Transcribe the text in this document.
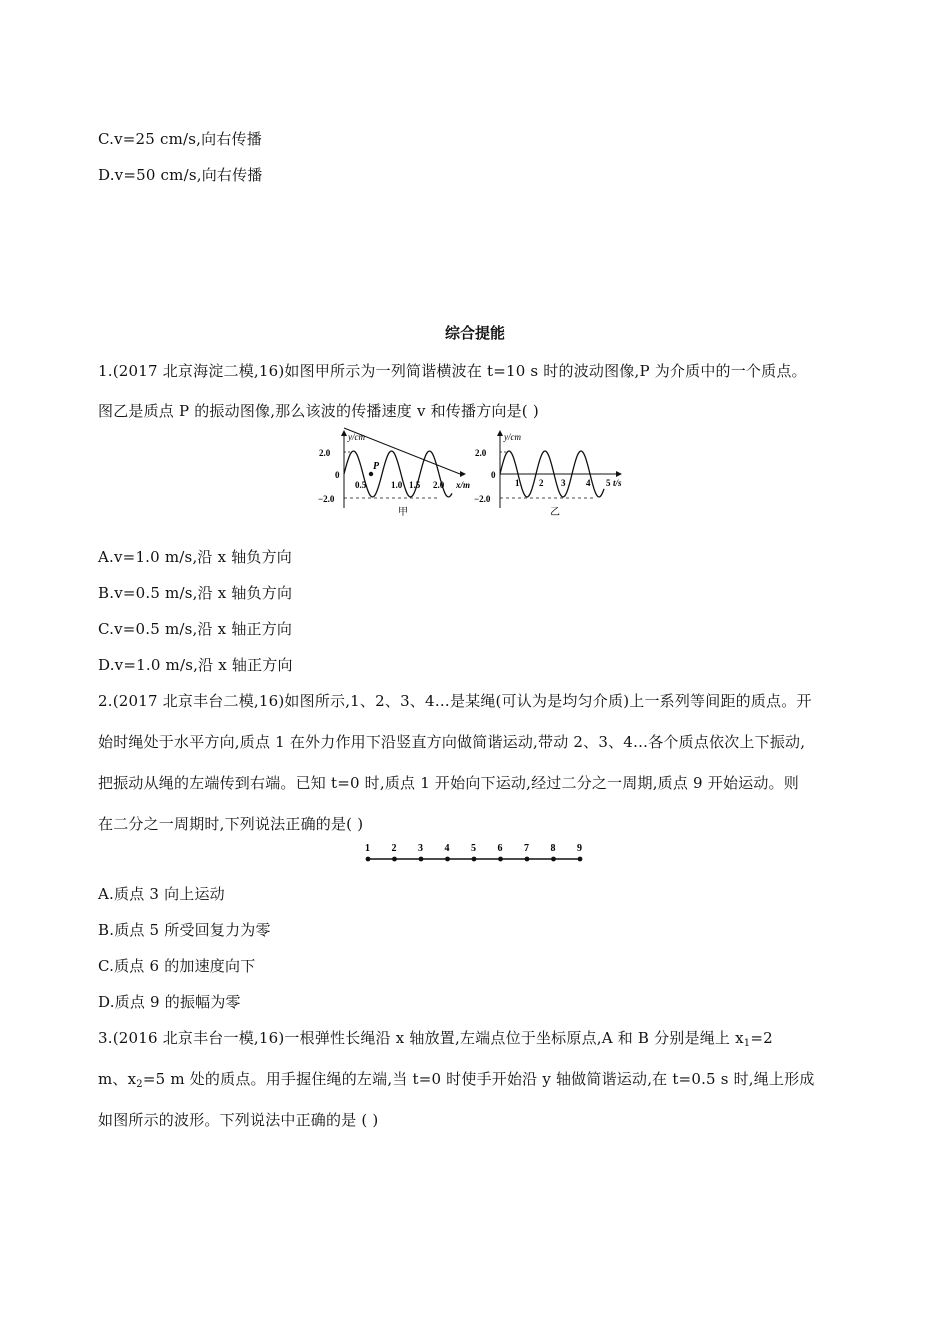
C.v=25 cm/s,向右传播
D.v=50 cm/s,向右传播
综合提能
1.(2017 北京海淀二模,16)如图甲所示为一列简谐横波在 t=10 s 时的波动图像,P 为介质中的一个质点。
图乙是质点 P 的振动图像,那么该波的传播速度 v 和传播方向是( )
y/cm
2.0
0
−2.0
P
0.5	1.0 1.5 2.0 x/m
甲
y/cm
2.0
0
−2.0
1 2 3 4 5 t/s
乙
A.v=1.0 m/s,沿 x 轴负方向
B.v=0.5 m/s,沿 x 轴负方向
C.v=0.5 m/s,沿 x 轴正方向
D.v=1.0 m/s,沿 x 轴正方向
2.(2017 北京丰台二模,16)如图所示,1、2、3、4…是某绳(可认为是均匀介质)上一系列等间距的质点。开
始时绳处于水平方向,质点 1 在外力作用下沿竖直方向做简谐运动,带动 2、3、4…各个质点依次上下振动,
把振动从绳的左端传到右端。已知 t=0 时,质点 1 开始向下运动,经过二分之一周期,质点 9 开始运动。则
在二分之一周期时,下列说法正确的是( )
1 2 3 4 5 6 7 8 9
A.质点 3 向上运动
B.质点 5 所受回复力为零
C.质点 6 的加速度向下
D.质点 9 的振幅为零
3.(2016 北京丰台一模,16)一根弹性长绳沿 x 轴放置,左端点位于坐标原点,A 和 B 分别是绳上 $x_1=2$
m、$x_2=5$ m 处的质点。用手握住绳的左端,当 t=0 时使手开始沿 y 轴做简谐运动,在 t=0.5 s 时,绳上形成
如图所示的波形。下列说法中正确的是 ( )
